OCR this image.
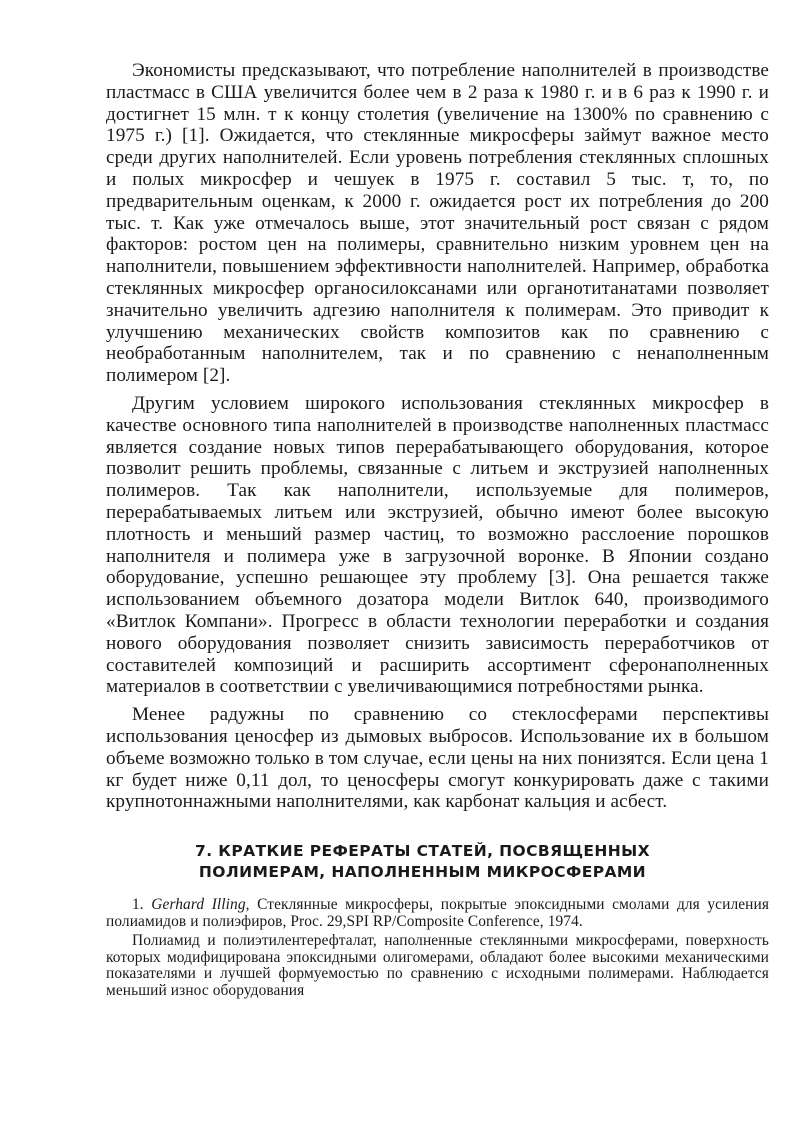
Экономисты предсказывают, что потребление наполнителей в производстве пластмасс в США увеличится более чем в 2 раза к 1980 г. и в 6 раз к 1990 г. и достигнет 15 млн. т к концу столетия (увеличение на 1300% по сравнению с 1975 г.) [1]. Ожидается, что стеклянные микросферы займут важное место среди других наполнителей. Если уровень потребления стеклянных сплошных и полых микросфер и чешуек в 1975 г. составил 5 тыс. т, то, по предварительным оценкам, к 2000 г. ожидается рост их потребления до 200 тыс. т. Как уже отмечалось выше, этот значительный рост связан с рядом факторов: ростом цен на полимеры, сравнительно низким уровнем цен на наполнители, повышением эффективности наполнителей. Например, обработка стеклянных микросфер органосилоксанами или органотитанатами позволяет значительно увеличить адгезию наполнителя к полимерам. Это приводит к улучшению механических свойств композитов как по сравнению с необработанным наполнителем, так и по сравнению с ненаполненным полимером [2].

Другим условием широкого использования стеклянных микросфер в качестве основного типа наполнителей в производстве наполненных пластмасс является создание новых типов перерабатывающего оборудования, которое позволит решить проблемы, связанные с литьем и экструзией наполненных полимеров. Так как наполнители, используемые для полимеров, перерабатываемых литьем или экструзией, обычно имеют более высокую плотность и меньший размер частиц, то возможно расслоение порошков наполнителя и полимера уже в загрузочной воронке. В Японии создано оборудование, успешно решающее эту проблему [3]. Она решается также использованием объемного дозатора модели Витлок 640, производимого «Витлок Компани». Прогресс в области технологии переработки и создания нового оборудования позволяет снизить зависимость переработчиков от составителей композиций и расширить ассортимент сферонаполненных материалов в соответствии с увеличивающимися потребностями рынка.

Менее радужны по сравнению со стеклосферами перспективы использования ценосфер из дымовых выбросов. Использование их в большом объеме возможно только в том случае, если цены на них понизятся. Если цена 1 кг будет ниже 0,11 дол, то ценосферы смогут конкурировать даже с такими крупнотоннажными наполнителями, как карбонат кальция и асбест.

7. КРАТКИЕ РЕФЕРАТЫ СТАТЕЙ, ПОСВЯЩЕННЫХ
ПОЛИМЕРАМ, НАПОЛНЕННЫМ МИКРОСФЕРАМИ

1. Gerhard Illing, Стеклянные микросферы, покрытые эпоксидными смолами для усиления полиамидов и полиэфиров, Proc. 29,SPI RP/Composite Conference, 1974.

Полиамид и полиэтилентерефталат, наполненные стеклянными микросферами, поверхность которых модифицирована эпоксидными олигомерами, обладают более высокими механическими показателями и лучшей формуемостью по сравнению с исходными полимерами. Наблюдается меньший износ оборудования
